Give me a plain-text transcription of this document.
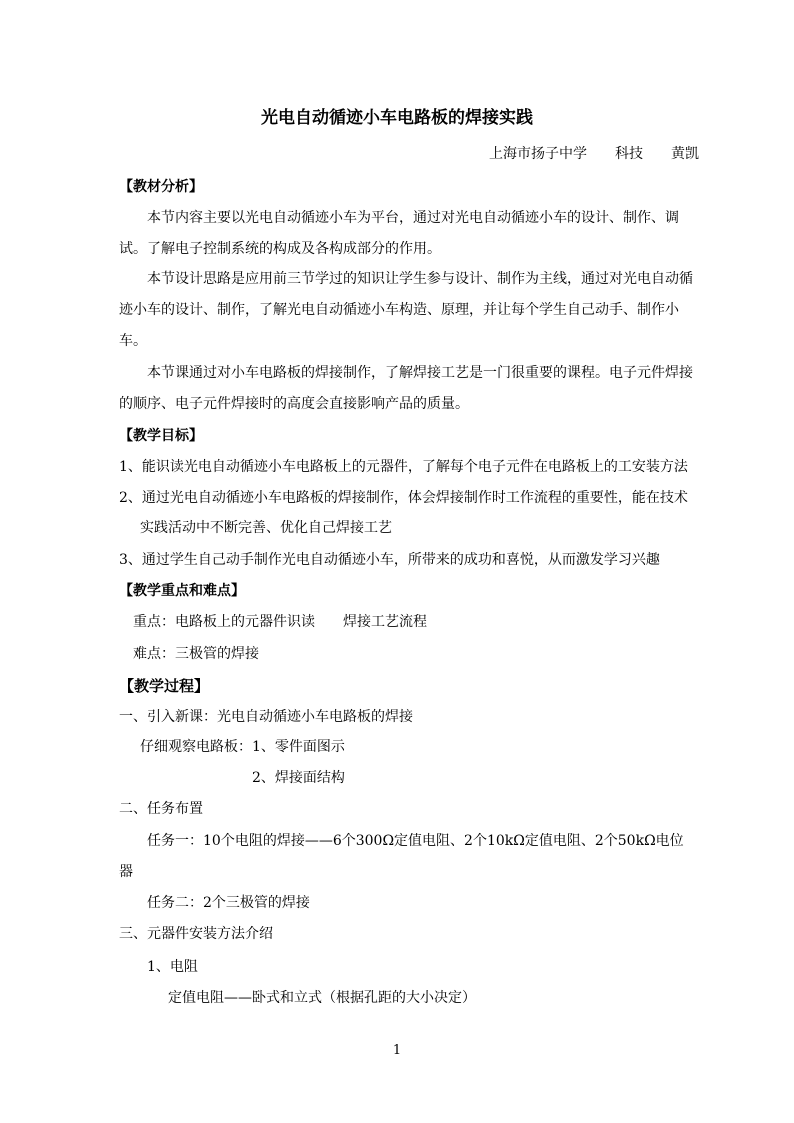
光电自动循迹小车电路板的焊接实践
上海市扬子中学 科技 黄凯
【教材分析】
本节内容主要以光电自动循迹小车为平台，通过对光电自动循迹小车的设计、制作、调
试。了解电子控制系统的构成及各构成部分的作用。
本节设计思路是应用前三节学过的知识让学生参与设计、制作为主线，通过对光电自动循
迹小车的设计、制作，了解光电自动循迹小车构造、原理，并让每个学生自己动手、制作小
车。
本节课通过对小车电路板的焊接制作，了解焊接工艺是一门很重要的课程。电子元件焊接
的顺序、电子元件焊接时的高度会直接影响产品的质量。
【教学目标】
1、能识读光电自动循迹小车电路板上的元器件，了解每个电子元件在电路板上的工安装方法
2、通过光电自动循迹小车电路板的焊接制作，体会焊接制作时工作流程的重要性，能在技术
实践活动中不断完善、优化自己焊接工艺
3、通过学生自己动手制作光电自动循迹小车，所带来的成功和喜悦，从而激发学习兴趣
【教学重点和难点】
重点：电路板上的元器件识读 焊接工艺流程
难点：三极管的焊接
【教学过程】
一、引入新课：光电自动循迹小车电路板的焊接
仔细观察电路板：1、零件面图示
2、焊接面结构
二、任务布置
任务一：10个电阻的焊接——6个300Ω定值电阻、2个10kΩ定值电阻、2个50kΩ电位
器
任务二：2个三极管的焊接
三、元器件安装方法介绍
1、电阻
定值电阻——卧式和立式（根据孔距的大小决定）
1
